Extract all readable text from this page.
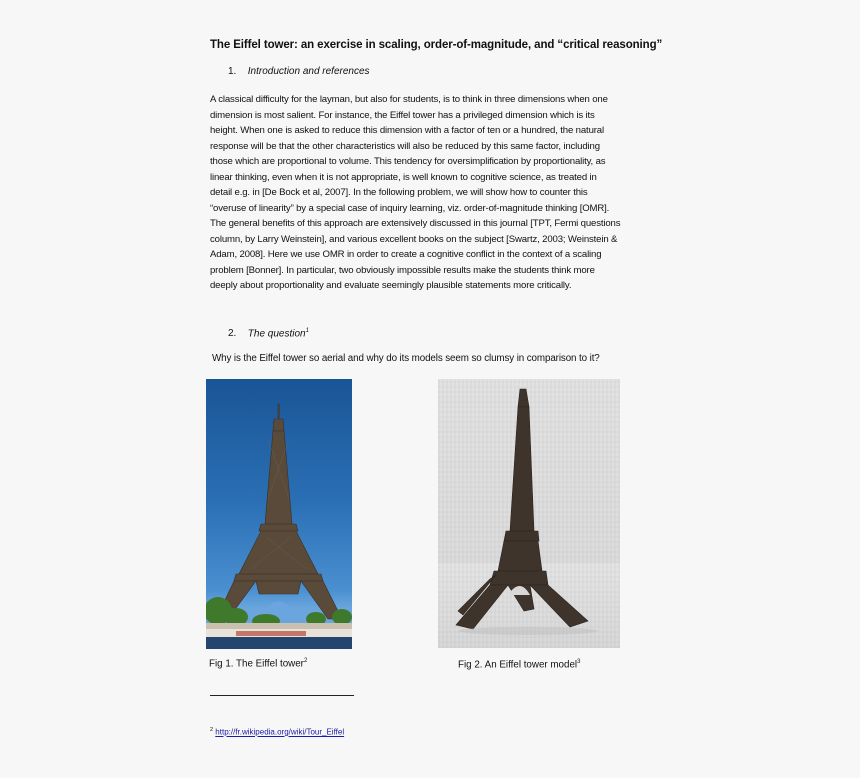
The Eiffel tower: an exercise in scaling, order-of-magnitude, and “critical reasoning”
1. Introduction and references
A classical difficulty for the layman, but also for students, is to think in three dimensions when one
dimension is most salient. For instance, the Eiffel tower has a privileged dimension which is its
height. When one is asked to reduce this dimension with a factor of ten or a hundred, the natural
response will be that the other characteristics will also be reduced by this same factor, including
those which are proportional to volume. This tendency for oversimplification by proportionality, as
linear thinking, even when it is not appropriate, is well known to cognitive science, as treated in
detail e.g. in [De Bock et al, 2007]. In the following problem, we will show how to counter this
“overuse of linearity” by a special case of inquiry learning, viz. order-of-magnitude thinking [OMR].
The general benefits of this approach are extensively discussed in this journal [TPT, Fermi questions
column, by Larry Weinstein], and various excellent books on the subject [Swartz, 2003; Weinstein &
Adam, 2008]. Here we use OMR in order to create a cognitive conflict in the context of a scaling
problem [Bonner]. In particular, two obviously impossible results make the students think more
deeply about proportionality and evaluate seemingly plausible statements more critically.
2. The question$^1$
Why is the Eiffel tower so aerial and why do its models seem so clumsy in comparison to it?
Fig 1. The Eiffel tower$^2$	Fig 2. An Eiffel tower model$^3$
$^2$ http://fr.wikipedia.org/wiki/Tour_Eiffel
